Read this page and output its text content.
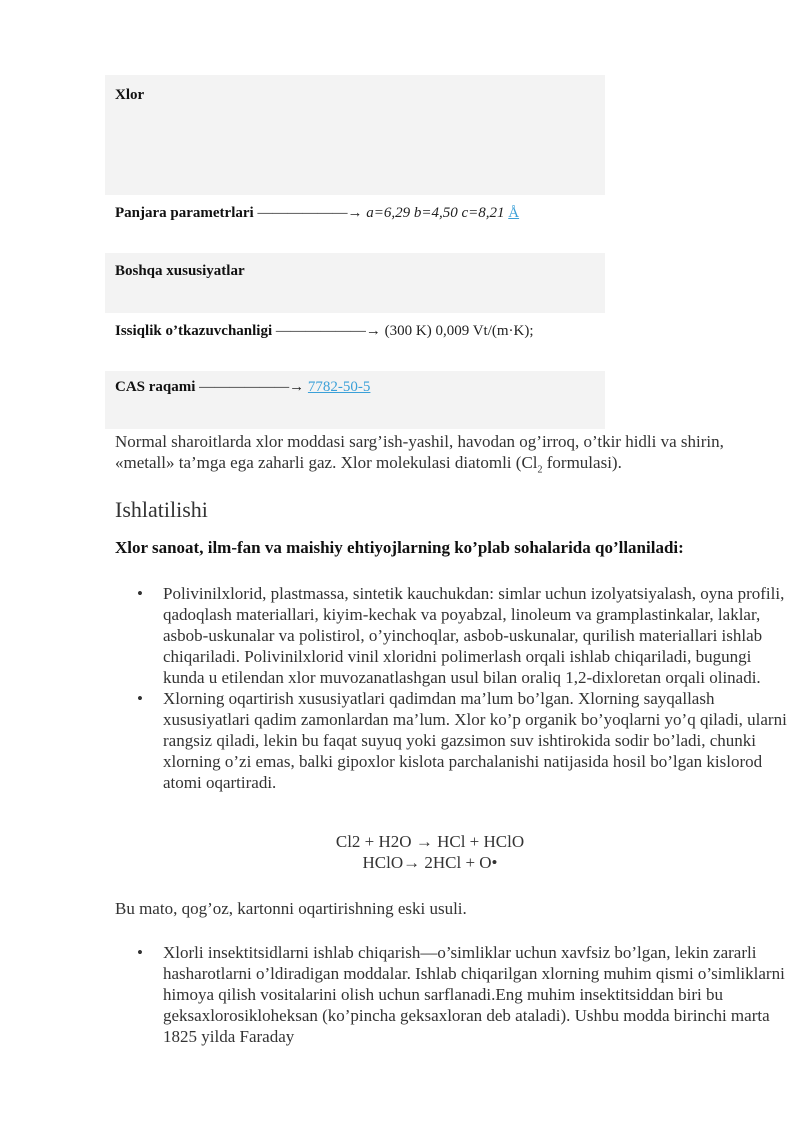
Xlor
Panjara parametrlari ——————→ a=6,29 b=4,50 c=8,21 Å
Boshqa xususiyatlar
Issiqlik o’tkazuvchanligi ——————→ (300 K) 0,009 Vt/(m·K);
CAS raqami ——————→ 7782-50-5
Normal sharoitlarda xlor moddasi sarg’ish-yashil, havodan og’irroq, o’tkir hidli va shirin, «metall» ta’mga ega zaharli gaz. Xlor molekulasi diatomli ($Cl_2$ formulasi).
Ishlatilishi
Xlor sanoat, ilm-fan va maishiy ehtiyojlarning ko’plab sohalarida qo’llaniladi:
• Polivinilxlorid, plastmassa, sintetik kauchukdan: simlar uchun izolyatsiyalash, oyna profili, qadoqlash materiallari, kiyim-kechak va poyabzal, linoleum va gramplastinkalar, laklar, asbob-uskunalar va polistirol, o’yinchoqlar, asbob-uskunalar, qurilish materiallari ishlab chiqariladi. Polivinilxlorid vinil xloridni polimerlash orqali ishlab chiqariladi, bugungi kunda u etilendan xlor muvozanatlashgan usul bilan oraliq 1,2-dixloretan orqali olinadi.
• Xlorning oqartirish xususiyatlari qadimdan ma’lum bo’lgan. Xlorning sayqallash xususiyatlari qadim zamonlardan ma’lum. Xlor ko’p organik bo’yoqlarni yo’q qiladi, ularni rangsiz qiladi, lekin bu faqat suyuq yoki gazsimon suv ishtirokida sodir bo’ladi, chunki xlorning o’zi emas, balki gipoxlor kislota parchalanishi natijasida hosil bo’lgan kislorod atomi oqartiradi.
Cl2 + H2O → HCl + HClO
HClO→ 2HCl + O•
Bu mato, qog’oz, kartonni oqartirishning eski usuli.
• Xlorli insektitsidlarni ishlab chiqarish—o’simliklar uchun xavfsiz bo’lgan, lekin zararli hasharotlarni o’ldiradigan moddalar. Ishlab chiqarilgan xlorning muhim qismi o’simliklarni himoya qilish vositalarini olish uchun sarflanadi.Eng muhim insektitsiddan biri bu geksaxlorosikloheksan (ko’pincha geksaxloran deb ataladi). Ushbu modda birinchi marta 1825 yilda Faraday
